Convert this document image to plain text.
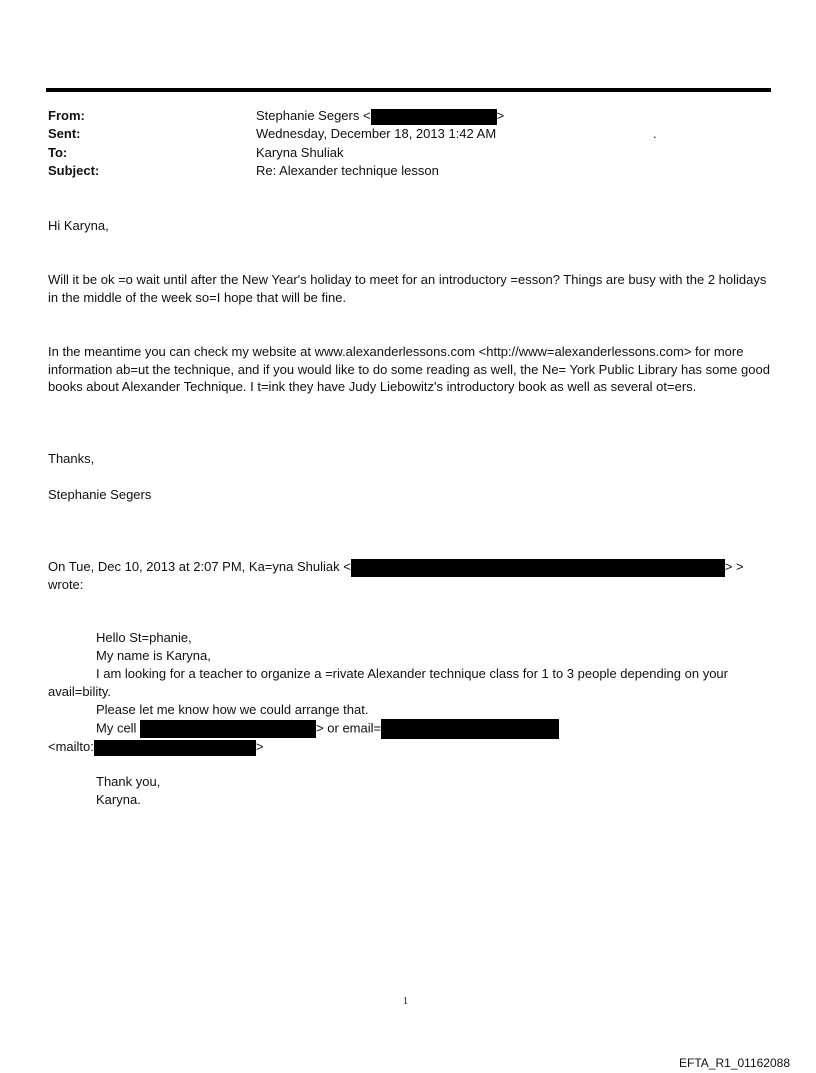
From:	Stephanie Segers <	>
Sent:	Wednesday, December 18, 2013 1:42 AM	.
To:	Karyna Shuliak
Subject:	Re: Alexander technique lesson
Hi Karyna,
Will it be ok =o wait until after the New Year's holiday to meet for an introductory =esson? Things are busy with the 2 holidays in the middle of the week so=I hope that will be fine.
In the meantime you can check my website at www.alexanderlessons.com <http://www=alexanderlessons.com> for more information ab=ut the technique, and if you would like to do some reading as well, the Ne= York Public Library has some good books about Alexander Technique. I t=ink they have Judy Liebowitz's introductory book as well as several ot=ers.
Thanks,
Stephanie Segers
On Tue, Dec 10, 2013 at 2:07 PM, Ka=yna Shuliak <	> >
wrote:
Hello St=phanie,
My name is Karyna,
I am looking for a teacher to organize a =rivate Alexander technique class for 1 to 3 people depending on your
avail=bility.
Please let me know how we could arrange that.
My cell	> or email=
<mailto:	>
Thank you,
Karyna.
1
EFTA_R1_01162088
